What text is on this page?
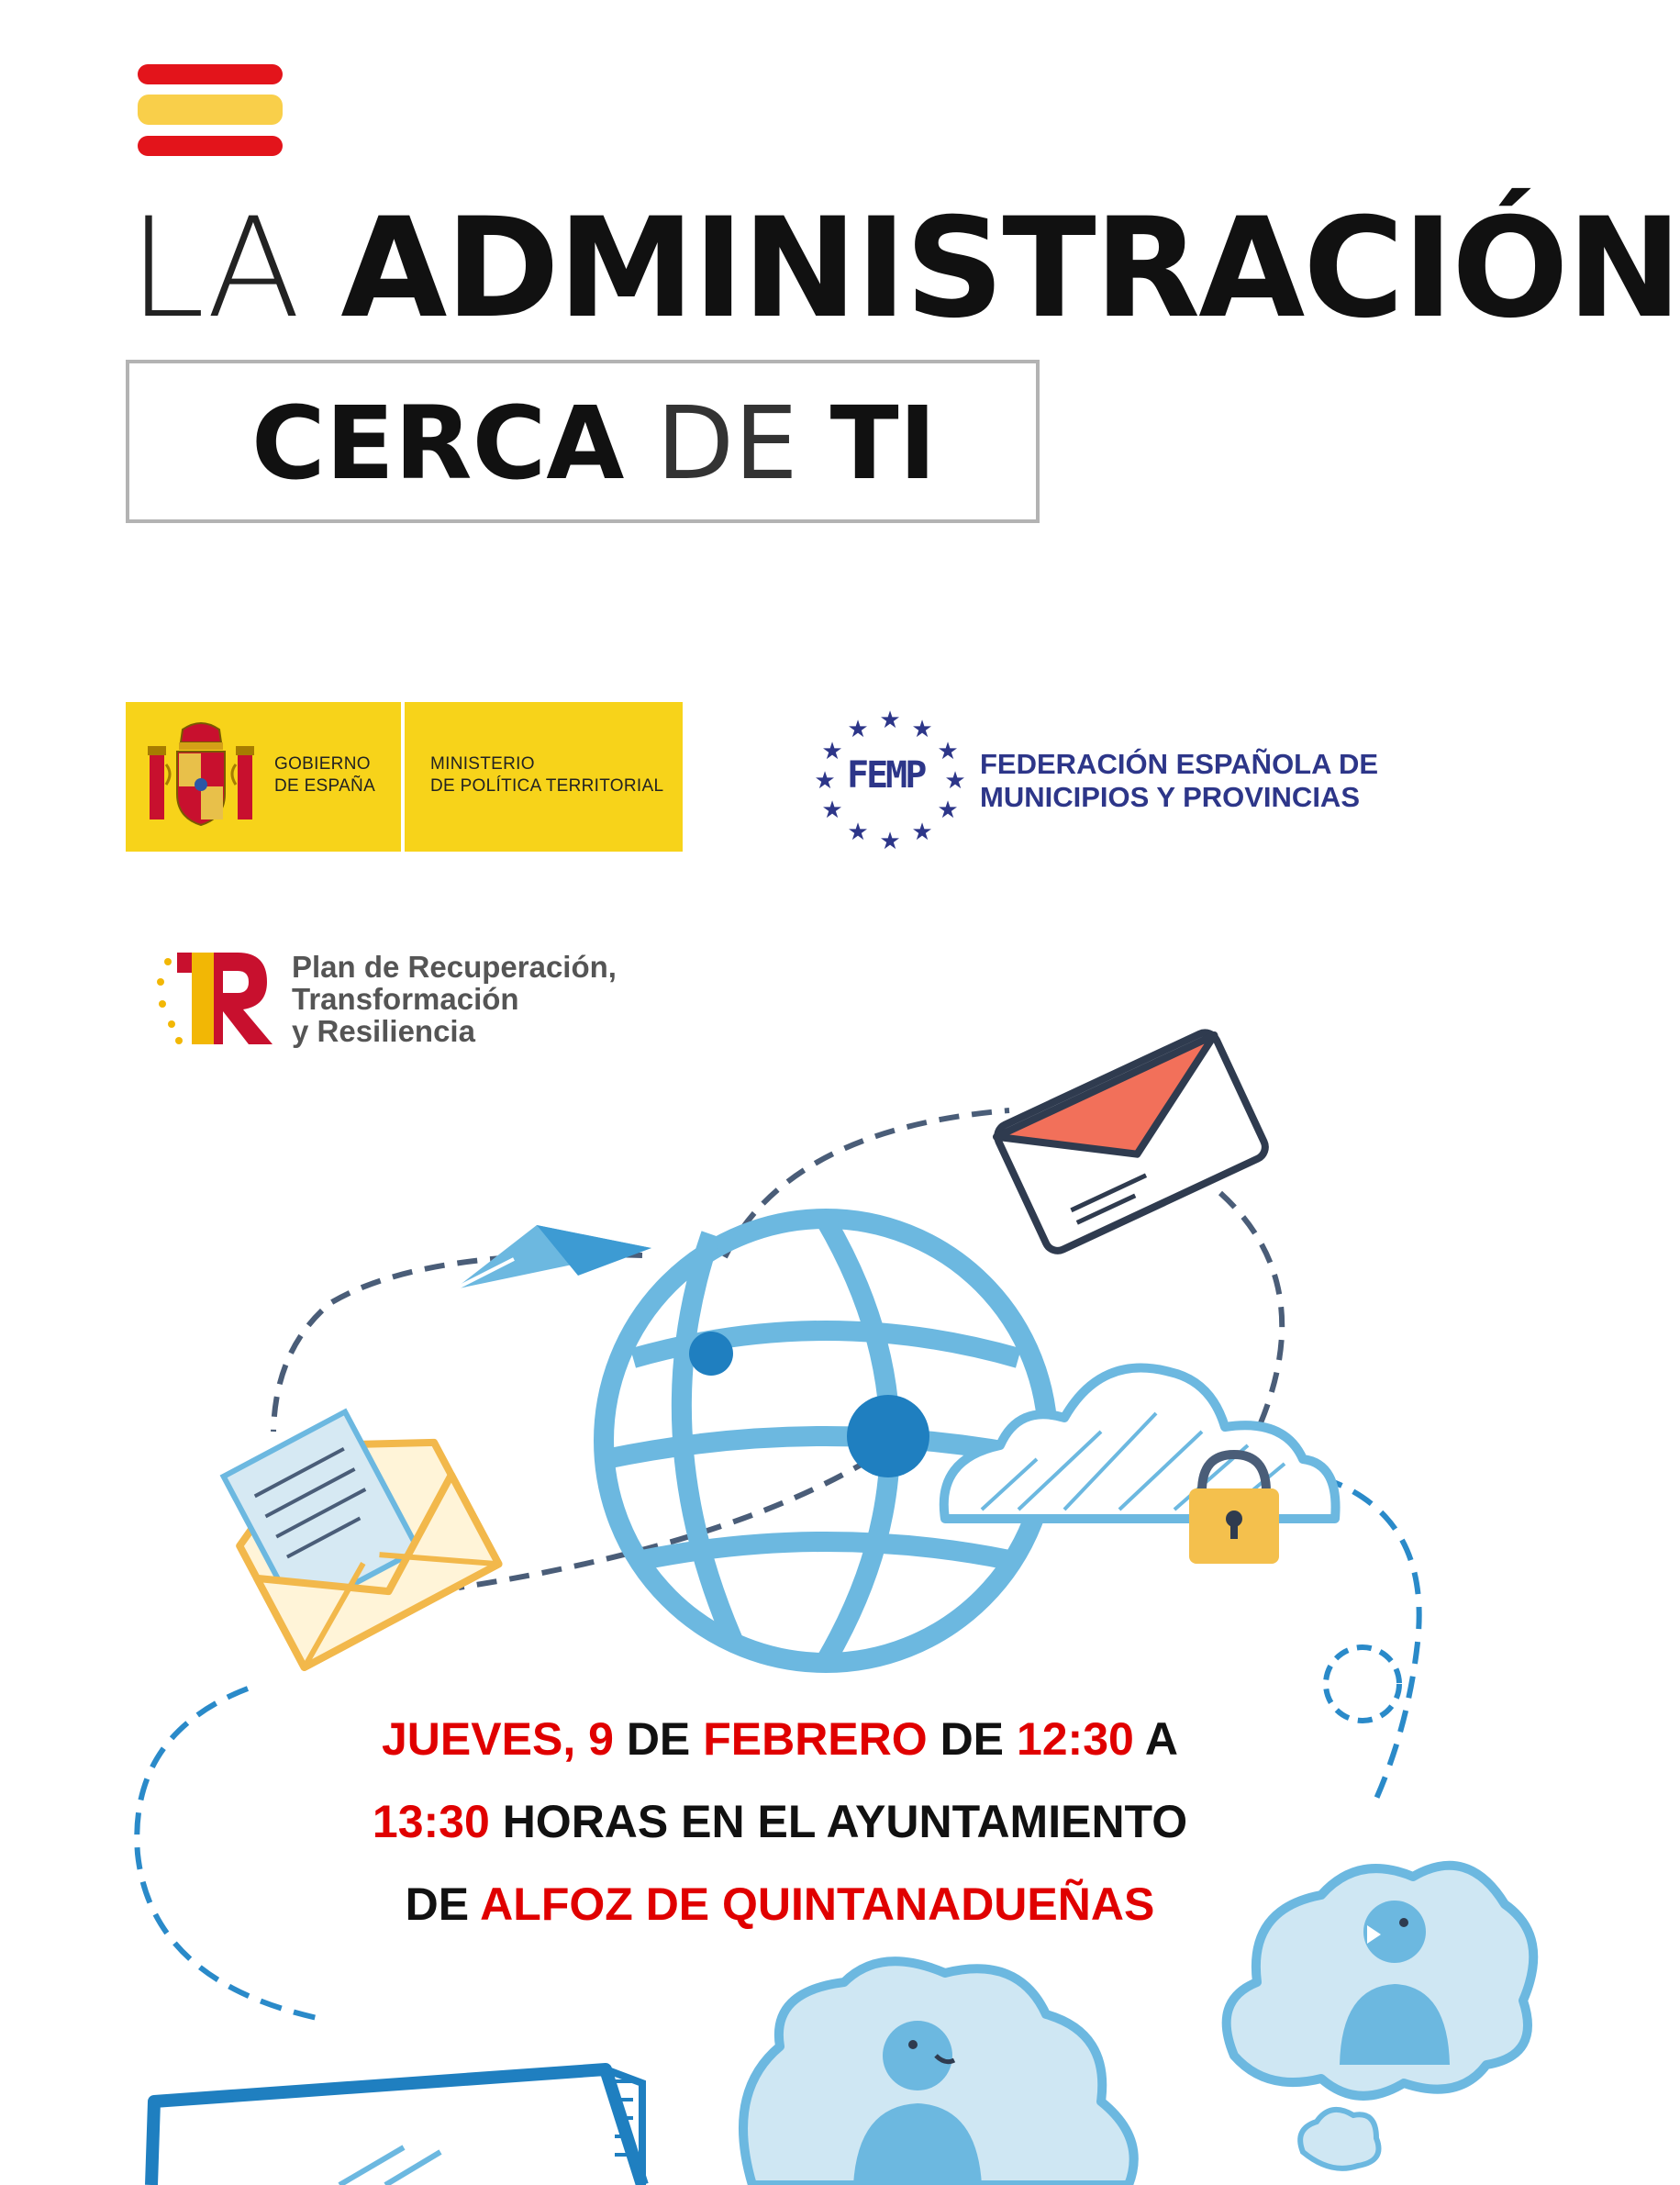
LA ADMINISTRACIÓN
CERCA DE TI
GOBIERNO
DE ESPAÑA
MINISTERIO
DE POLÍTICA TERRITORIAL
★
★ ★
★	★
★	★
★	★
★ ★
★
FEMP FEDERACIÓN ESPAÑOLA DE
MUNICIPIOS Y PROVINCIAS
Plan de Recuperación,
Transformación
y Resiliencia
JUEVES, 9 DE FEBRERO DE 12:30 A
13:30 HORAS EN EL AYUNTAMIENTO
DE ALFOZ DE QUINTANADUEÑAS
